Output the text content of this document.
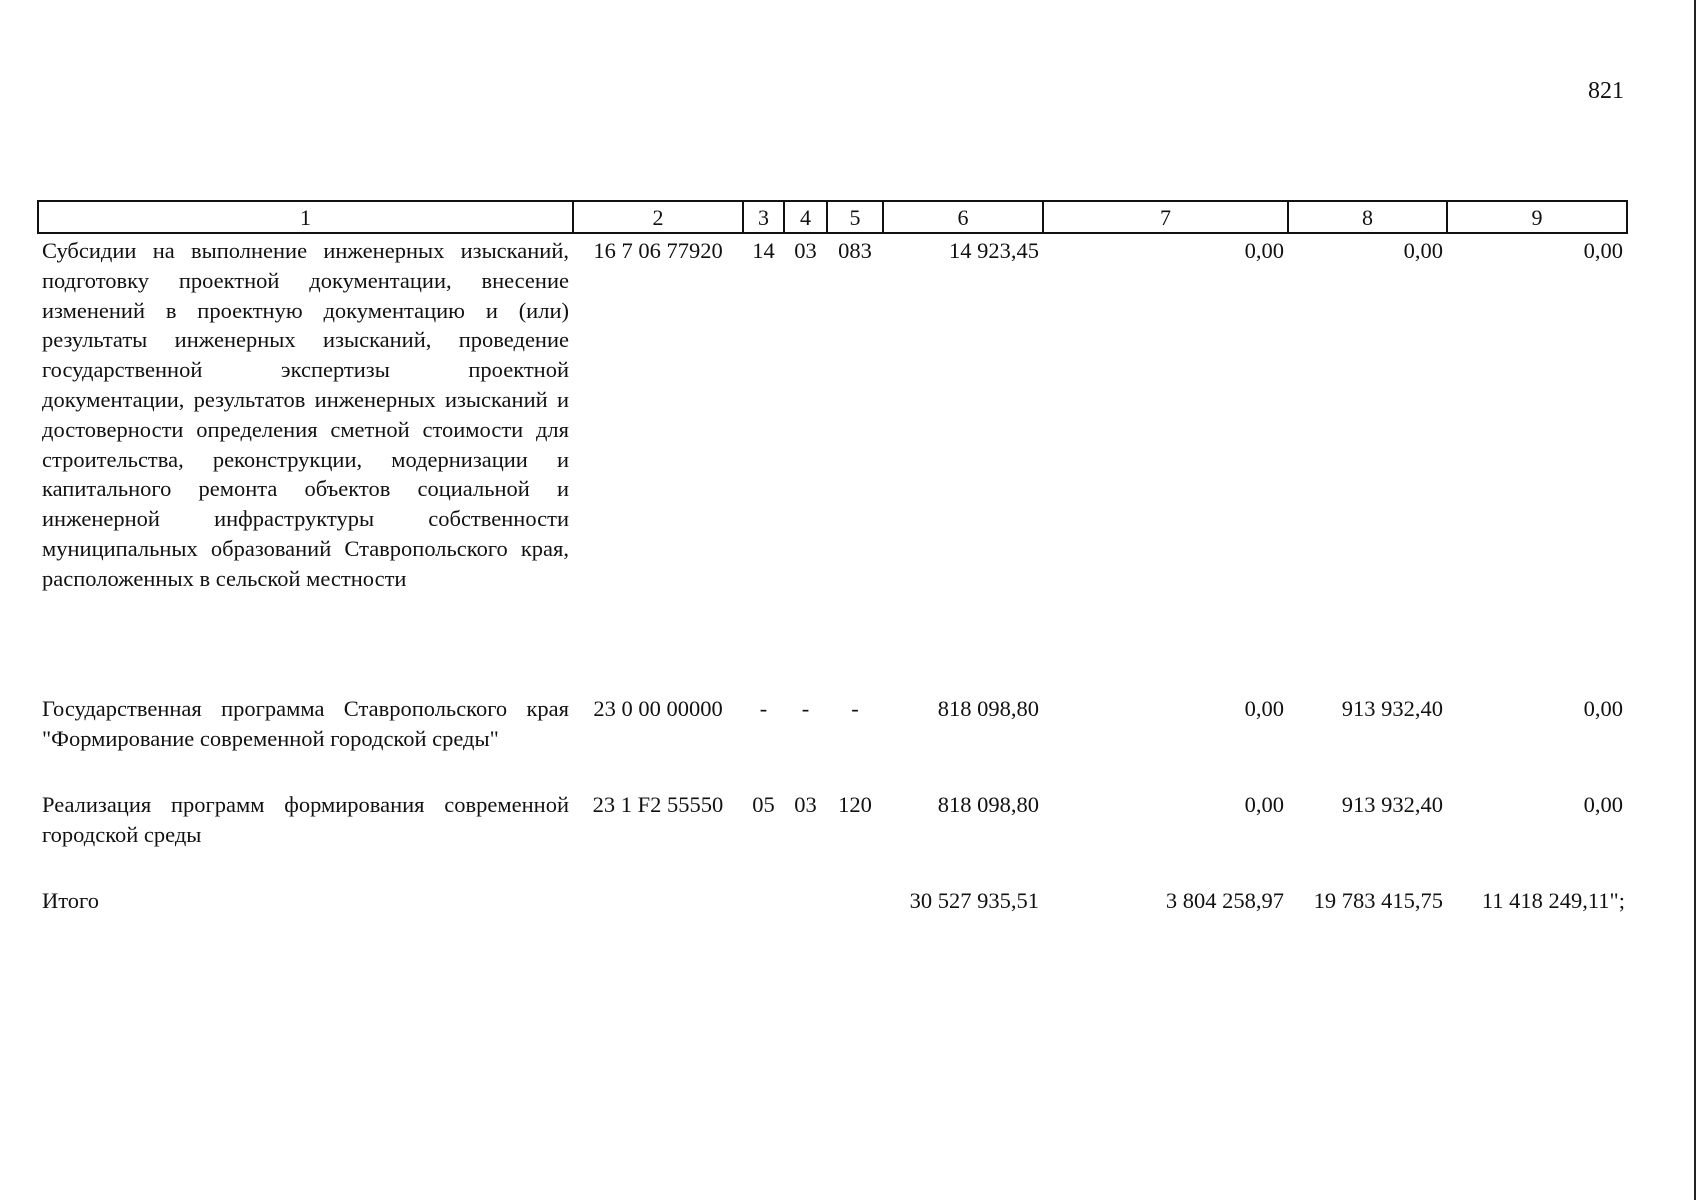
821
1	2	3	4	5	6	7	8	9
Субсидии на выполнение инженерных изысканий, подготовку проектной документации, внесение изменений в проектную документацию и (или) результаты инженерных изысканий, проведение государственной экспертизы проектной документации, результатов инженерных изысканий и достоверности определения сметной стоимости для строительства, реконструкции, модернизации и капитального ремонта объектов социальной и инженерной инфраструктуры собственности муниципальных образований Ставропольского края, расположенных в сельской местности	16 7 06 77920	14	03	083	14 923,45	0,00	0,00	0,00
Государственная программа Ставропольского края "Формирование современной городской среды"	23 0 00 00000	-	-	-	818 098,80	0,00	913 932,40	0,00
Реализация программ формирования современной городской среды	23 1 F2 55550	05	03	120	818 098,80	0,00	913 932,40	0,00
Итого					30 527 935,51	3 804 258,97	19 783 415,75	11 418 249,11";
